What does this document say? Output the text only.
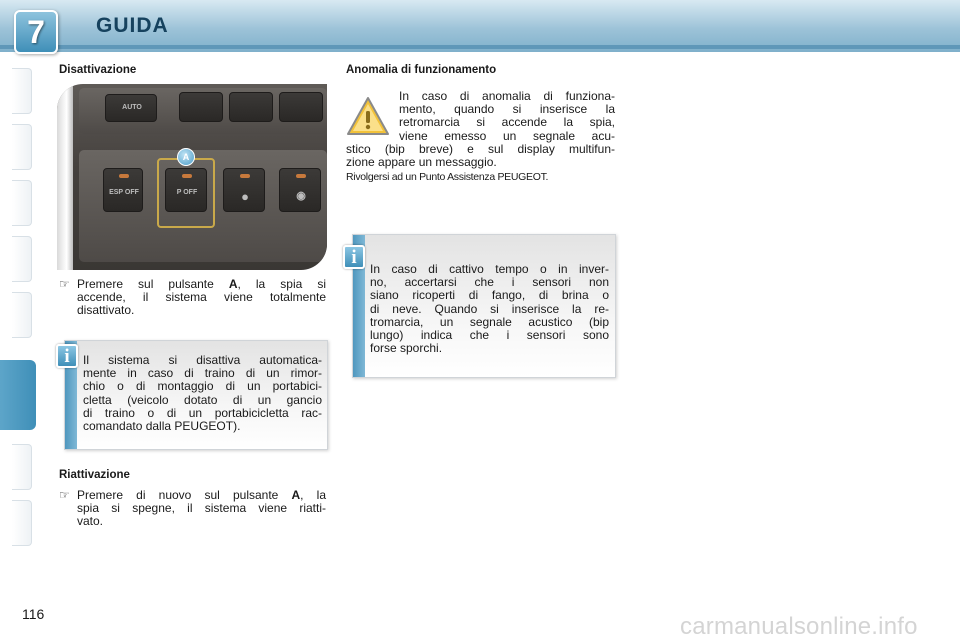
7	GUIDA
Disattivazione
AUTO
ESP OFF	P OFF
A
●	◉
☞ Premere sul pulsante A, la spia si
accende, il sistema viene totalmente
disattivato.
i	Il sistema si disattiva automatica-
mente in caso di traino di un rimor-
chio o di montaggio di un portabici-
cletta (veicolo dotato di un gancio
di traino o di un portabicicletta rac-
comandato dalla PEUGEOT).
Riattivazione
☞ Premere di nuovo sul pulsante A, la
spia si spegne, il sistema viene riatti-
vato.
Anomalia di funzionamento
In caso di anomalia di funziona-
mento, quando si inserisce la
retromarcia si accende la spia,
viene emesso un segnale acu-
stico (bip breve) e sul display multifun-
zione appare un messaggio.
Rivolgersi ad un Punto Assistenza PEUGEOT.
i
In caso di cattivo tempo o in inver-
no, accertarsi che i sensori non
siano ricoperti di fango, di brina o
di neve. Quando si inserisce la re-
tromarcia, un segnale acustico (bip
lungo) indica che i sensori sono
forse sporchi.
116	carmanualsonline.info
